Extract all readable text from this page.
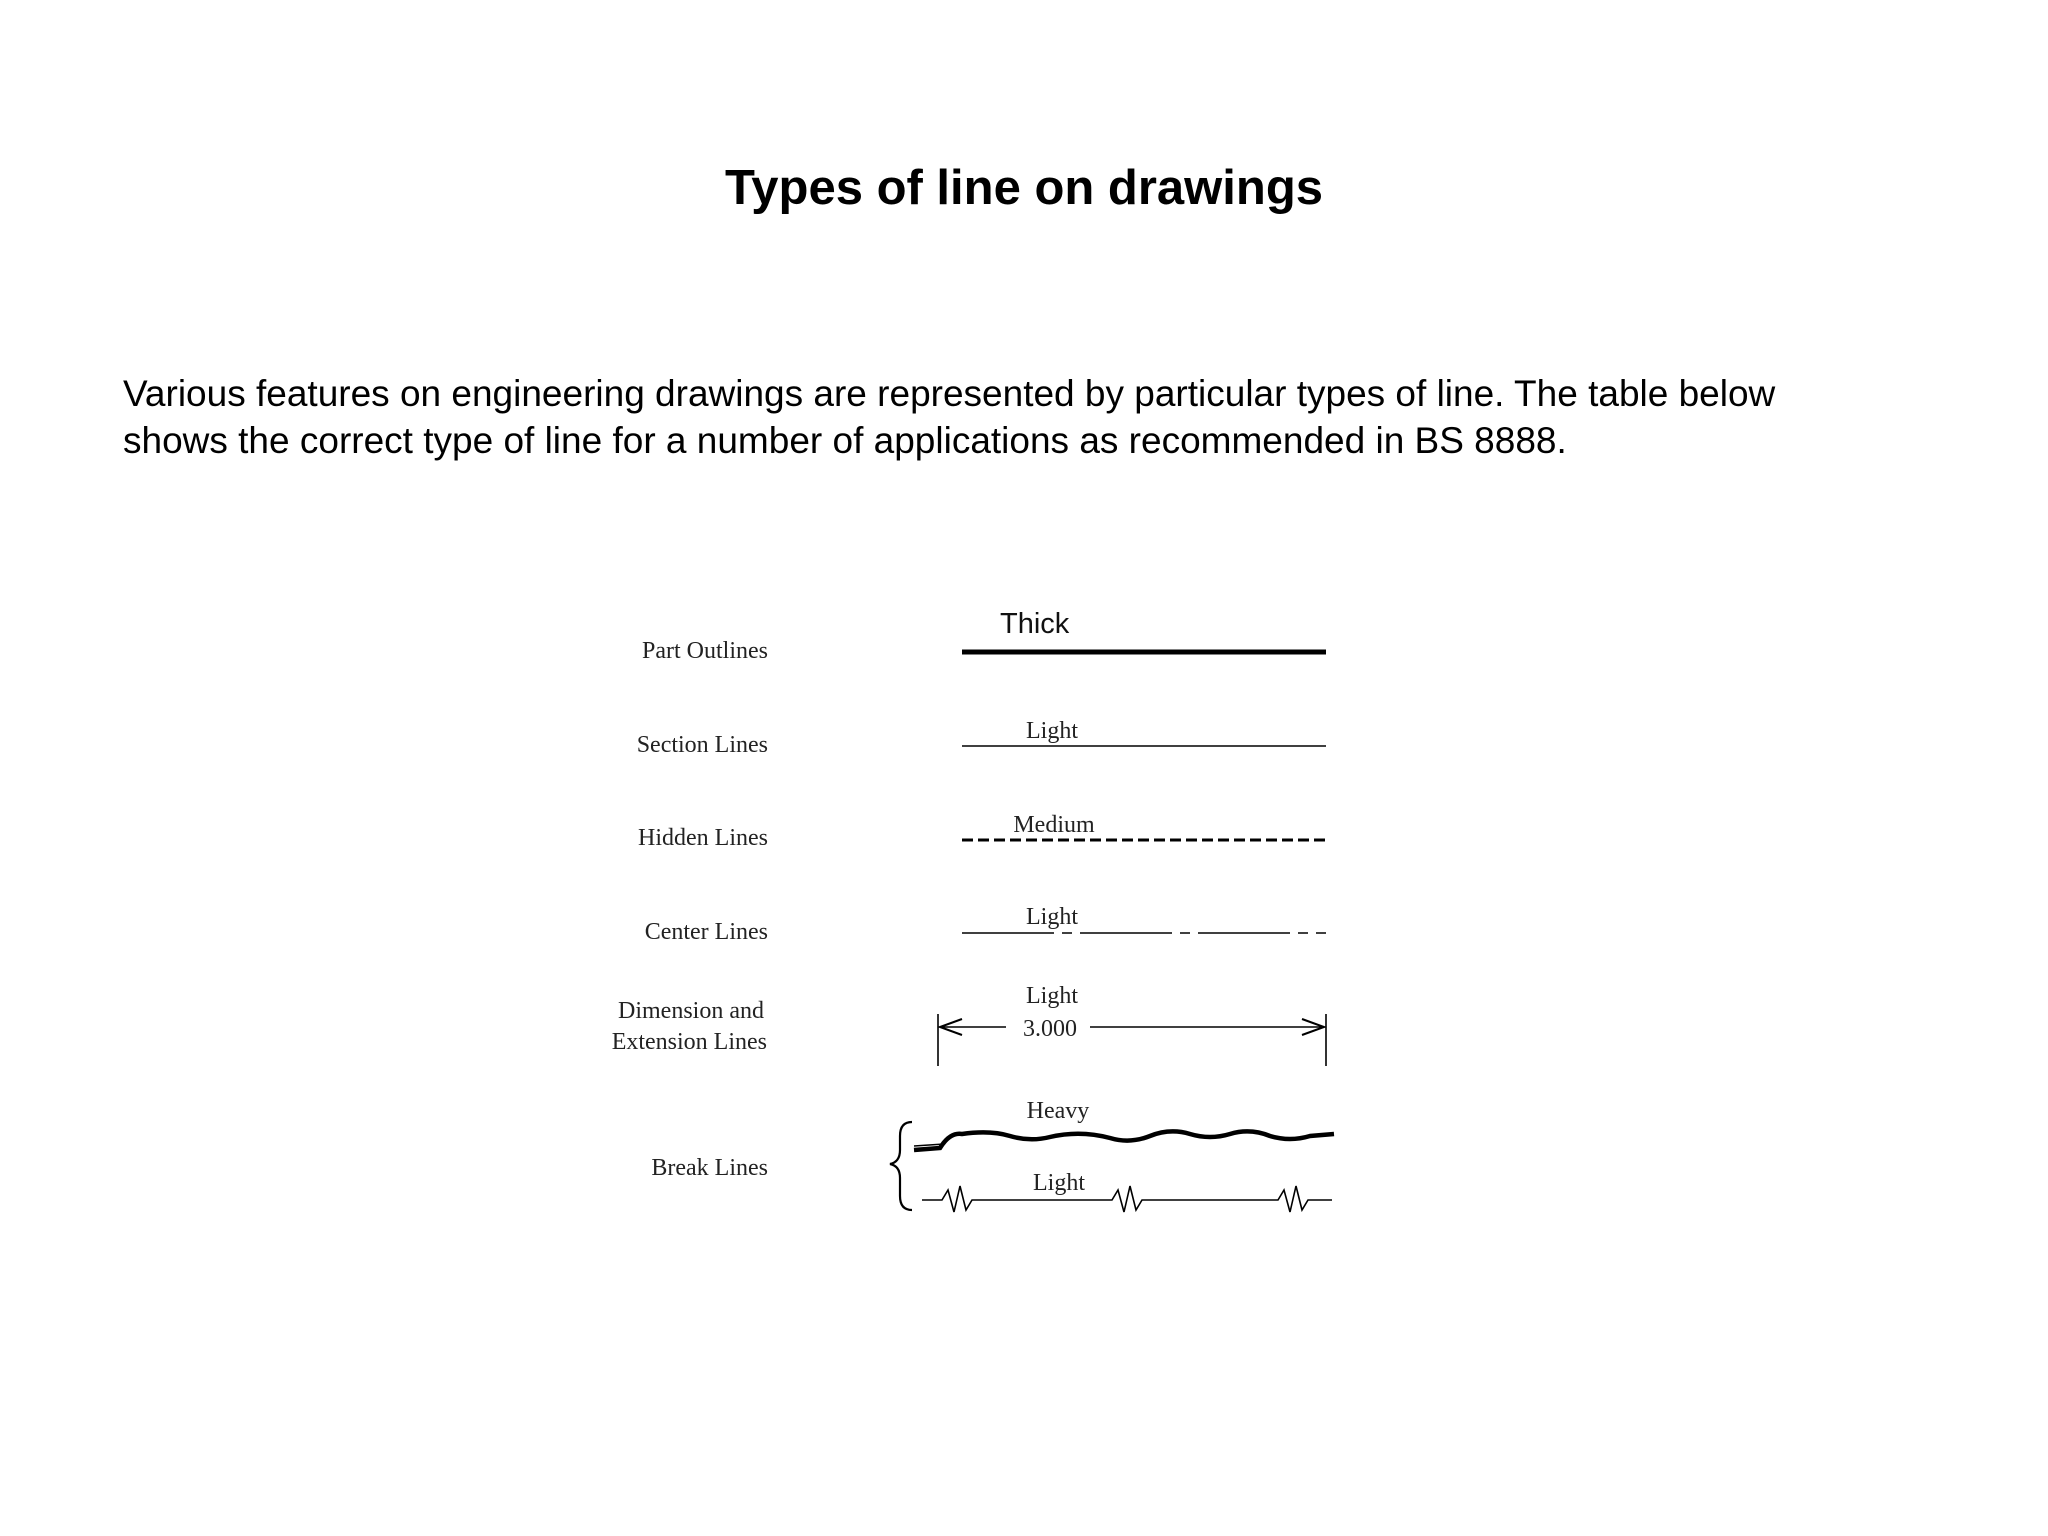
Types of line on drawings

Various features on engineering drawings are represented by particular types of line. The table below
shows the correct type of line for a number of applications as recommended in BS 8888.

Part Outlines
Thick
Section Lines
Light
Hidden Lines	Medium
Center Lines
Light
Dimension and
Extension Lines
Light
3.000
Break Lines
Heavy
Light
